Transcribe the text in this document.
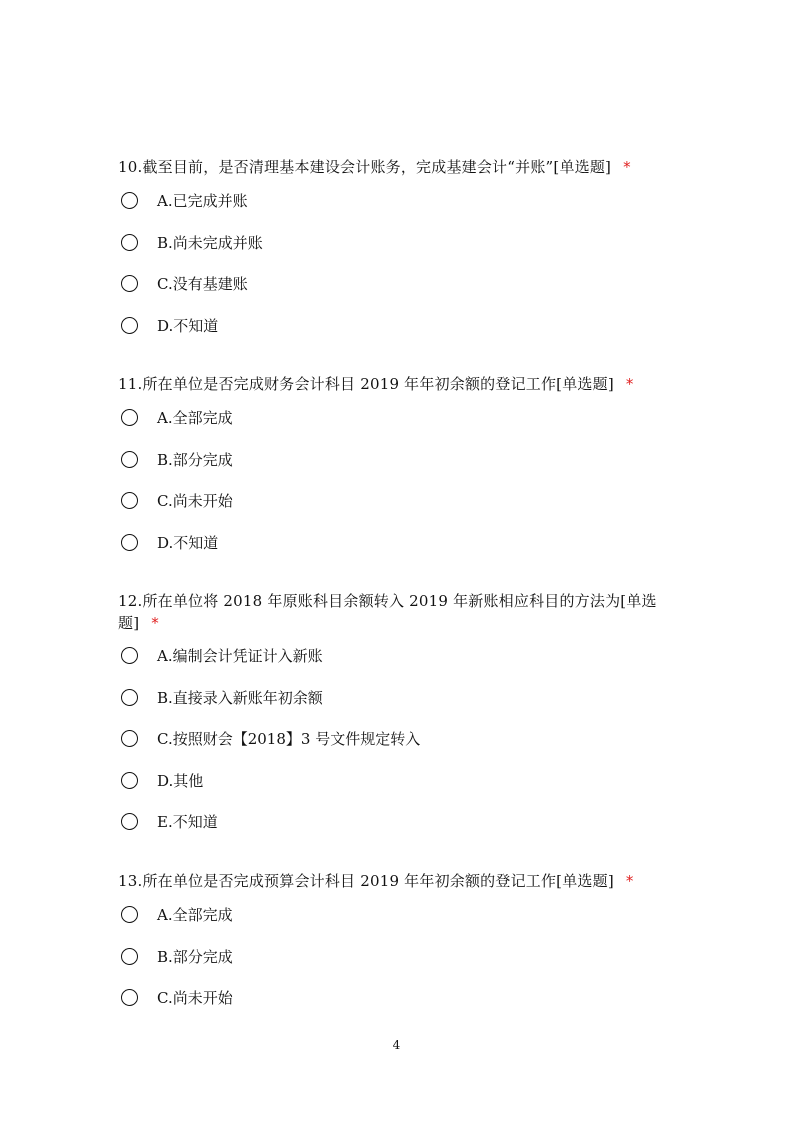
10.截至目前，是否清理基本建设会计账务，完成基建会计“并账”[单选题] *

A.已完成并账
B.尚未完成并账
C.没有基建账
D.不知道

11.所在单位是否完成财务会计科目 2019 年年初余额的登记工作[单选题] *

A.全部完成
B.部分完成
C.尚未开始
D.不知道

12.所在单位将 2018 年原账科目余额转入 2019 年新账相应科目的方法为[单选题] *

A.编制会计凭证计入新账
B.直接录入新账年初余额
C.按照财会【2018】3 号文件规定转入
D.其他
E.不知道

13.所在单位是否完成预算会计科目 2019 年年初余额的登记工作[单选题] *

A.全部完成
B.部分完成
C.尚未开始
4
